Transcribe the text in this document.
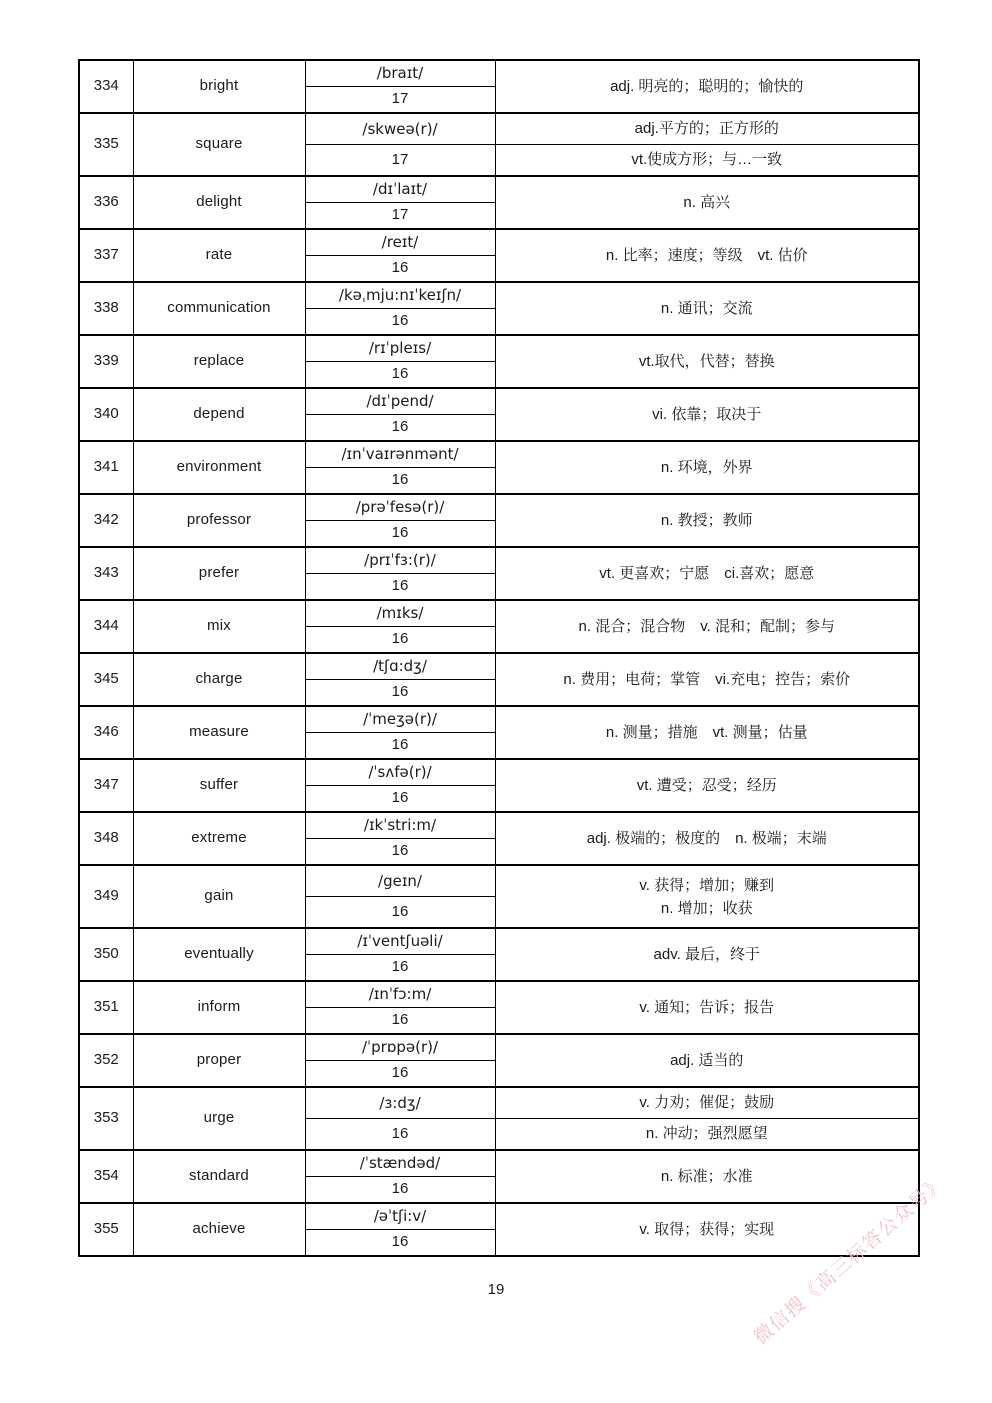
334	bright	/braɪt/	adj. 明亮的；聪明的；愉快的

		17	
335	square	/skweə(r)/	adj.平方的；正方形的
		17	vt.使成方形；与…一致
336	delight	/dɪˈlaɪt/	n. 高兴

		17	
337	rate	/reɪt/	n. 比率；速度；等级　vt. 估价

		16	
338	communication	/kəˌmju:nɪˈkeɪʃn/	n. 通讯；交流

		16	
339	replace	/rɪˈpleɪs/	vt.取代，代替；替换

		16	
340	depend	/dɪˈpend/	vi. 依靠；取决于

		16	
341	environment	/ɪnˈvaɪrənmənt/	n. 环境，外界

		16	
342	professor	/prəˈfesə(r)/	n. 教授；教师

		16	
343	prefer	/prɪˈfɜ:(r)/	vt. 更喜欢；宁愿　ci.喜欢；愿意

		16	
344	mix	/mɪks/	n. 混合；混合物　v. 混和；配制；参与

		16	
345	charge	/tʃɑ:dʒ/	n. 费用；电荷；掌管　vi.充电；控告；索价

		16	
346	measure	/ˈmeʒə(r)/	n. 测量；措施　vt. 测量；估量

		16	
347	suffer	/ˈsʌfə(r)/	vt. 遭受；忍受；经历

		16	
348	extreme	/ɪkˈstri:m/	adj. 极端的；极度的　n. 极端；末端

		16	
349	gain	/geɪn/	v. 获得；增加；赚到
n. 增加；收获

		16	
350	eventually	/ɪˈventʃuəli/	adv. 最后，终于

		16	
351	inform	/ɪnˈfɔ:m/	v. 通知；告诉；报告

		16	
352	proper	/ˈprɒpə(r)/	adj. 适当的

		16	
353	urge	/ɜ:dʒ/	v. 力劝；催促；鼓励
		16	n. 冲动；强烈愿望
354	standard	/ˈstændəd/	n. 标准；水准

		16	
355	achieve	/əˈtʃi:v/	v. 取得；获得；实现

		16	
19	微信搜《高三标答公众号》
